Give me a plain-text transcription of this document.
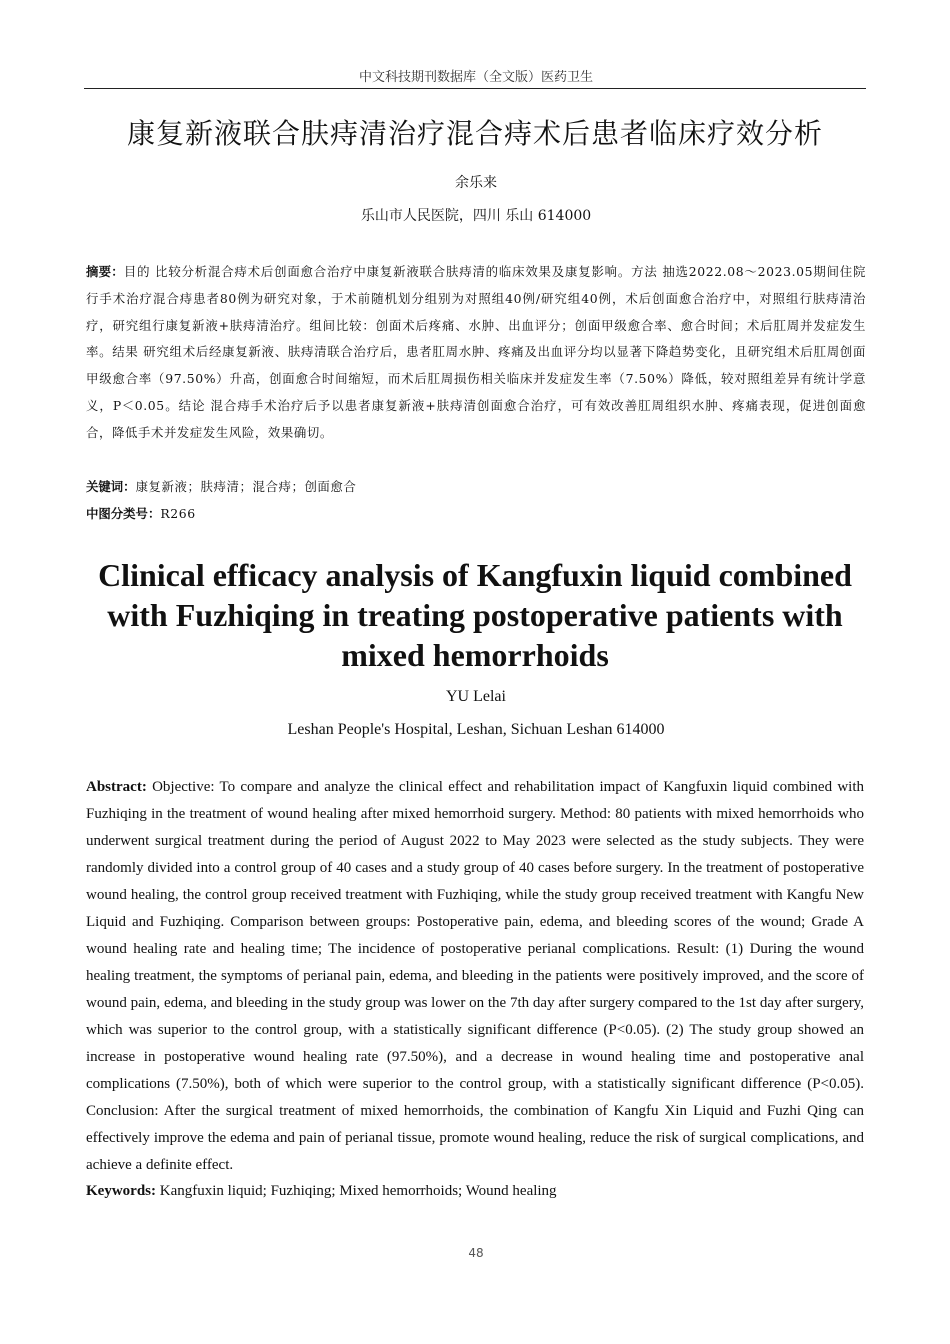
中文科技期刊数据库（全文版）医药卫生
康复新液联合肤痔清治疗混合痔术后患者临床疗效分析
余乐来
乐山市人民医院，四川 乐山 614000
摘要：目的 比较分析混合痔术后创面愈合治疗中康复新液联合肤痔清的临床效果及康复影响。方法 抽选2022.08～2023.05期间住院行手术治疗混合痔患者80例为研究对象，于术前随机划分组别为对照组40例/研究组40例，术后创面愈合治疗中，对照组行肤痔清治疗，研究组行康复新液+肤痔清治疗。组间比较：创面术后疼痛、水肿、出血评分；创面甲级愈合率、愈合时间；术后肛周并发症发生率。结果 研究组术后经康复新液、肤痔清联合治疗后，患者肛周水肿、疼痛及出血评分均以显著下降趋势变化，且研究组术后肛周创面甲级愈合率（97.50%）升高，创面愈合时间缩短，而术后肛周损伤相关临床并发症发生率（7.50%）降低，较对照组差异有统计学意义，P＜0.05。结论 混合痔手术治疗后予以患者康复新液+肤痔清创面愈合治疗，可有效改善肛周组织水肿、疼痛表现，促进创面愈合，降低手术并发症发生风险，效果确切。
关键词：康复新液；肤痔清；混合痔；创面愈合
中图分类号：R266
Clinical efficacy analysis of Kangfuxin liquid combined with Fuzhiqing in treating postoperative patients with mixed hemorrhoids
YU Lelai
Leshan People's Hospital, Leshan, Sichuan Leshan 614000
Abstract: Objective: To compare and analyze the clinical effect and rehabilitation impact of Kangfuxin liquid combined with Fuzhiqing in the treatment of wound healing after mixed hemorrhoid surgery. Method: 80 patients with mixed hemorrhoids who underwent surgical treatment during the period of August 2022 to May 2023 were selected as the study subjects. They were randomly divided into a control group of 40 cases and a study group of 40 cases before surgery. In the treatment of postoperative wound healing, the control group received treatment with Fuzhiqing, while the study group received treatment with Kangfu New Liquid and Fuzhiqing. Comparison between groups: Postoperative pain, edema, and bleeding scores of the wound; Grade A wound healing rate and healing time; The incidence of postoperative perianal complications. Result: (1) During the wound healing treatment, the symptoms of perianal pain, edema, and bleeding in the patients were positively improved, and the score of wound pain, edema, and bleeding in the study group was lower on the 7th day after surgery compared to the 1st day after surgery, which was superior to the control group, with a statistically significant difference (P<0.05). (2) The study group showed an increase in postoperative wound healing rate (97.50%), and a decrease in wound healing time and postoperative anal complications (7.50%), both of which were superior to the control group, with a statistically significant difference (P<0.05). Conclusion: After the surgical treatment of mixed hemorrhoids, the combination of Kangfu Xin Liquid and Fuzhi Qing can effectively improve the edema and pain of perianal tissue, promote wound healing, reduce the risk of surgical complications, and achieve a definite effect.
Keywords: Kangfuxin liquid; Fuzhiqing; Mixed hemorrhoids; Wound healing
48
